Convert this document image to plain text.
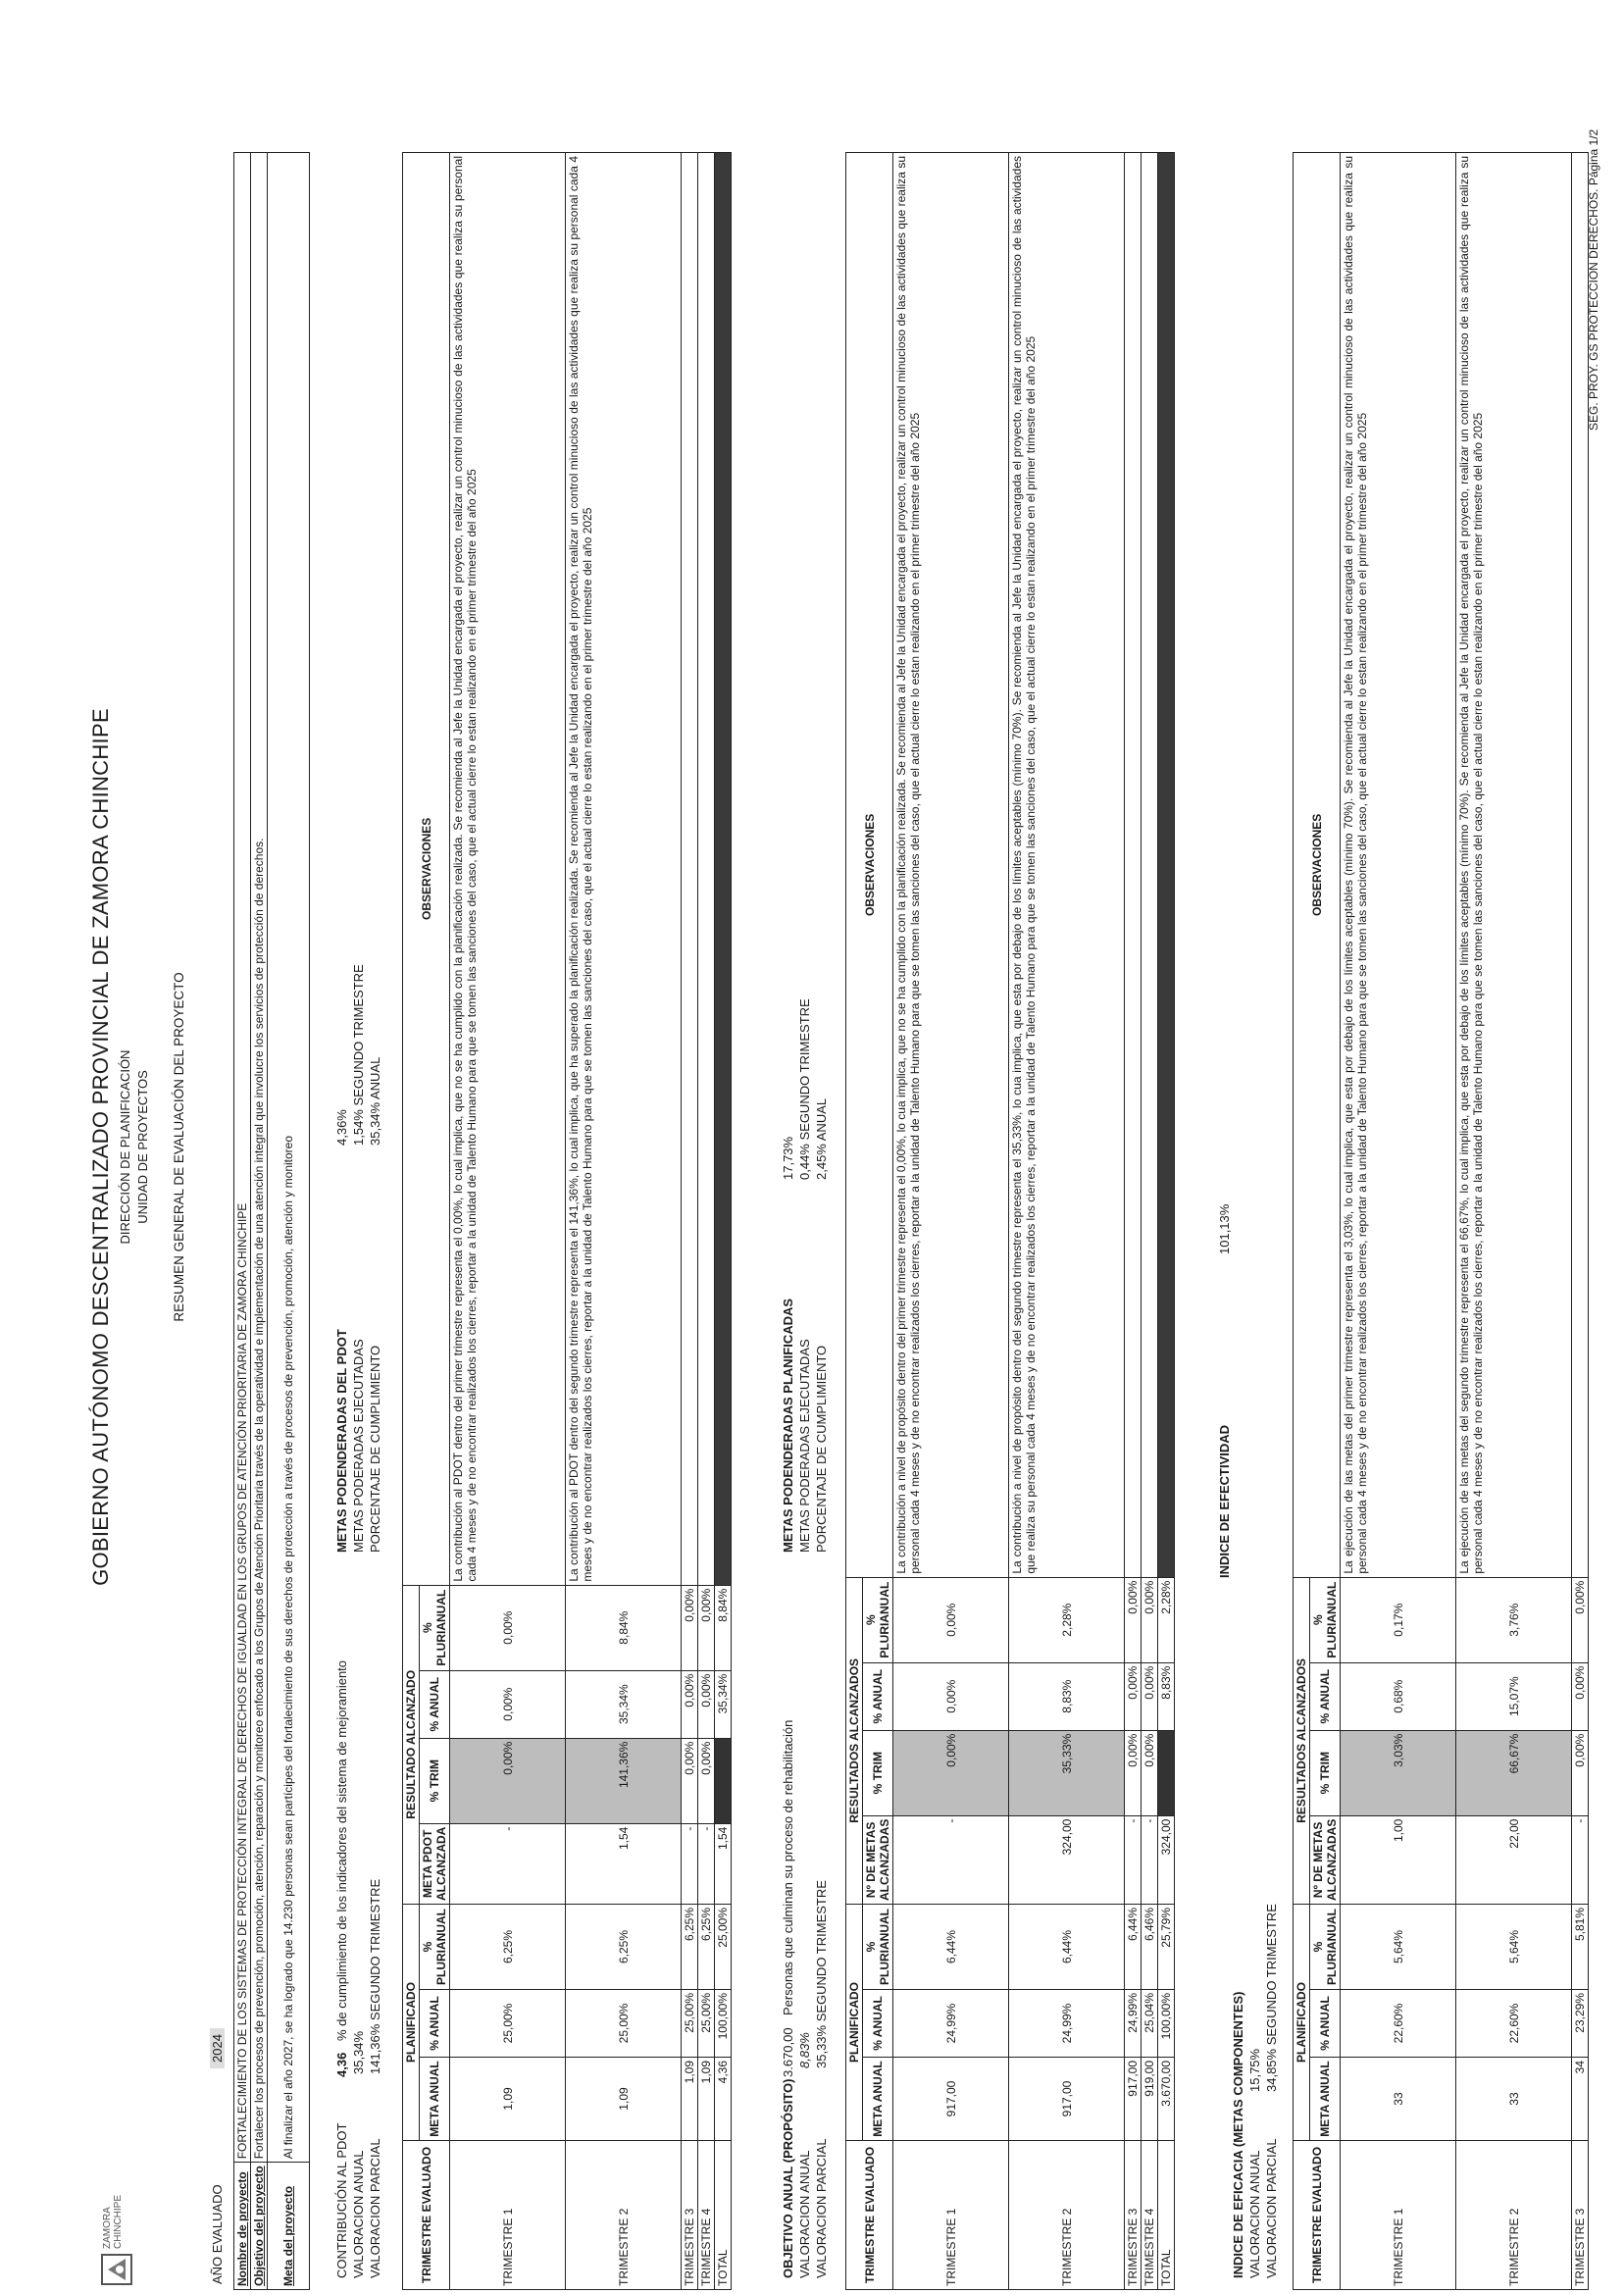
ZAMORA CHINCHIPE
GOBIERNO AUTÓNOMO DESCENTRALIZADO PROVINCIAL DE ZAMORA CHINCHIPE DIRECCIÓN DE PLANIFICACIÓN UNIDAD DE PROYECTOS RESUMEN GENERAL DE EVALUACIÓN DEL PROYECTO
AÑO EVALUADO
2024
Nombre de proyecto	FORTALECIMIENTO DE LOS SISTEMAS DE PROTECCIÓN INTEGRAL DE DERECHOS DE IGUALDAD EN LOS GRUPOS DE ATENCIÓN PRIORITARIA DE ZAMORA CHINCHIPE
Objetivo del proyecto	Fortalecer los procesos de prevención, promoción, atención, reparación y monitoreo enfocado a los Grupos de Atención Prioritaria través de la operatividad e implementación de una atención integral que involucre los servicios de protección de derechos.
Meta del proyecto	Al finalizar el año 2027, se ha logrado que 14.230 personas sean partícipes del fortalecimiento de sus derechos de protección a través de procesos de prevención, promoción, atención y monitoreo
CONTRIBUCIÓN AL PDOT
4,36
% de cumplimiento de los indicadores del sistema de mejoramiento
VALORACION ANUAL
35,34%
VALORACION PARCIAL
141,36% SEGUNDO TRIMESTRE
METAS PODENDERADAS DEL PDOT
4,36%
METAS PODERADAS EJECUTADAS
1,54% SEGUNDO TRIMESTRE
PORCENTAJE DE CUMPLIMIENTO
35,34% ANUAL
TRIMESTRE EVALUADO	PLANIFICADO			RESULTADO ALCANZADO				OBSERVACIONES
	META ANUAL	% ANUAL	% PLURIANUAL	META PDOT ALCANZADA	% TRIM	% ANUAL	% PLURIANUAL	
TRIMESTRE 1	1,09	25,00%	6,25%	-	0,00%	0,00%	0,00%	La contribución al PDOT dentro del primer trimestre representa el 0,00%, lo cual implica, que no se ha cumplido con la planificación realizada. Se recomienda al Jefe la Unidad encargada el proyecto, realizar un control minucioso de las actividades que realiza su personal cada 4 meses y de no encontrar realizados los cierres, reportar a la unidad de Talento Humano para que se tomen las sanciones del caso, que el actual cierre lo estan realizando en el primer trimestre del año 2025
TRIMESTRE 2	1,09	25,00%	6,25%	1,54	141,36%	35,34%	8,84%	La contribución al PDOT dentro del segundo trimestre representa el 141,36%, lo cual implica, que ha superado la planificación realizada. Se recomienda al Jefe la Unidad encargada el proyecto, realizar un control minucioso de las actividades que realiza su personal cada 4 meses y de no encontrar realizados los cierres, reportar a la unidad de Talento Humano para que se tomen las sanciones del caso, que el actual cierre lo estan realizando en el primer trimestre del año 2025
TRIMESTRE 3	1,09	25,00%	6,25%	-	0,00%	0,00%	0,00%	
TRIMESTRE 4	1,09	25,00%	6,25%	-	0,00%	0,00%	0,00%	
TOTAL	4,36	100,00%	25,00%	1,54		35,34%	8,84%	
OBJETIVO ANUAL (PROPÓSITO)
3.670,00
Personas que culminan su proceso de rehabilitación
VALORACION ANUAL
8,83%
VALORACION PARCIAL
35,33% SEGUNDO TRIMESTRE
METAS PODENDERADAS PLANIFICADAS
17,73%
METAS PODERADAS EJECUTADAS
0,44% SEGUNDO TRIMESTRE
PORCENTAJE DE CUMPLIMIENTO
2,45% ANUAL
TRIMESTRE EVALUADO	PLANIFICADO			RESULTADOS ALCANZADOS				OBSERVACIONES
	META ANUAL	% ANUAL	% PLURIANUAL	Nº DE METAS ALCANZADAS	% TRIM	% ANUAL	% PLURIANUAL	
TRIMESTRE 1	917,00	24,99%	6,44%	-	0,00%	0,00%	0,00%	La contribución a nivel de propósito dentro del primer trimestre representa el 0,00%, lo cua implica, que no se ha cumplido con la planificación realizada. Se recomienda al Jefe la Unidad encargada el proyecto, realizar un control minucioso de las actividades que realiza su personal cada 4 meses y de no encontrar realizados los cierres, reportar a la unidad de Talento Humano para que se tomen las sanciones del caso, que el actual cierre lo estan realizando en el primer trimestre del año 2025
TRIMESTRE 2	917,00	24,99%	6,44%	324,00	35,33%	8,83%	2,28%	La contribución a nivel de propósito dentro del segundo trimestre representa el 35,33%, lo cua implica, que esta por debajo de los límites aceptables (mínimo 70%). Se recomienda al Jefe la Unidad encargada el proyecto, realizar un control minucioso de las actividades que realiza su personal cada 4 meses y de no encontrar realizados los cierres, reportar a la unidad de Talento Humano para que se tomen las sanciones del caso, que el actual cierre lo estan realizando en el primer trimestre del año 2025
TRIMESTRE 3	917,00	24,99%	6,44%	-	0,00%	0,00%	0,00%	
TRIMESTRE 4	919,00	25,04%	6,46%	-	0,00%	0,00%	0,00%	
TOTAL	3.670,00	100,00%	25,79%	324,00		8,83%	2,28%	
INDICE DE EFECTIVIDAD
101,13%
INDICE DE EFICACIA (METAS COMPONENTES) VALORACION ANUAL
15,75%
VALORACION PARCIAL
34,85% SEGUNDO TRIMESTRE
TRIMESTRE EVALUADO	PLANIFICADO			RESULTADOS ALCANZADOS				OBSERVACIONES
	META ANUAL	% ANUAL	% PLURIANUAL	Nº DE METAS ALCANZADAS	% TRIM	% ANUAL	% PLURIANUAL	
TRIMESTRE 1	33	22,60%	5,64%	1,00	3,03%	0,68%	0,17%	La ejecución de las metas del primer trimestre representa el 3,03%, lo cual implica, que esta por debajo de los límites aceptables (mínimo 70%). Se recomienda al Jefe la Unidad encargada el proyecto, realizar un control minucioso de las actividades que realiza su personal cada 4 meses y de no encontrar realizados los cierres, reportar a la unidad de Talento Humano para que se tomen las sanciones del caso, que el actual cierre lo estan realizando en el primer trimestre del año 2025
TRIMESTRE 2	33	22,60%	5,64%	22,00	66,67%	15,07%	3,76%	La ejecución de las metas del segundo trimestre representa el 66,67%, lo cual implica, que esta por debajo de los límites aceptables (mínimo 70%). Se recomienda al Jefe la Unidad encargada el proyecto, realizar un control minucioso de las actividades que realiza su personal cada 4 meses y de no encontrar realizados los cierres, reportar a la unidad de Talento Humano para que se tomen las sanciones del caso, que el actual cierre lo estan realizando en el primer trimestre del año 2025
TRIMESTRE 3	34	23,29%	5,81%	-	0,00%	0,00%	0,00%	
SEG. PROY. GS PROTECCION DERECHOS. Página 1/2
